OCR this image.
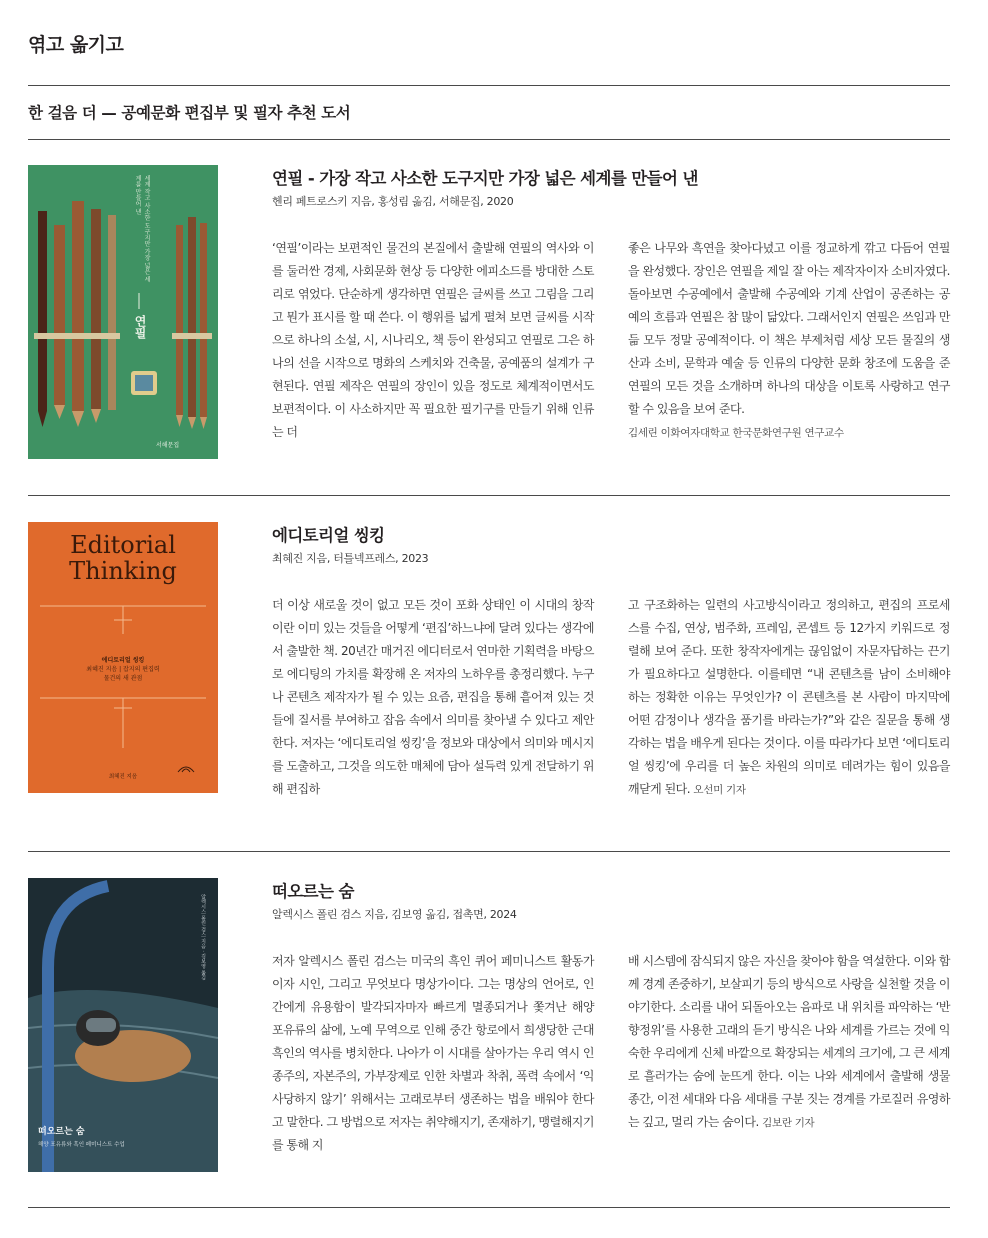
엮고 옮기고
한 걸음 더 — 공예문화 편집부 및 필자 추천 도서
연필
세계 작고 사소한 도구지만 가장 넓은 세계를 만들어 낸
서해문집
연필 - 가장 작고 사소한 도구지만 가장 넓은 세계를 만들어 낸
헨리 페트로스키 지음, 홍성림 옮김, 서해문집, 2020
‘연필’이라는 보편적인 물건의 본질에서 출발해 연필의 역사와 이를 둘러싼 경제, 사회문화 현상 등 다양한 에피소드를 방대한 스토리로 엮었다. 단순하게 생각하면 연필은 글씨를 쓰고 그림을 그리고 뭔가 표시를 할 때 쓴다. 이 행위를 넓게 펼쳐 보면 글씨를 시작으로 하나의 소설, 시, 시나리오, 책 등이 완성되고 연필로 그은 하나의 선을 시작으로 명화의 스케치와 건축물, 공예품의 설계가 구현된다. 연필 제작은 연필의 장인이 있을 정도로 체계적이면서도 보편적이다. 이 사소하지만 꼭 필요한 필기구를 만들기 위해 인류는 더
좋은 나무와 흑연을 찾아다녔고 이를 정교하게 깎고 다듬어 연필을 완성했다. 장인은 연필을 제일 잘 아는 제작자이자 소비자였다. 돌아보면 수공예에서 출발해 수공예와 기계 산업이 공존하는 공예의 흐름과 연필은 참 많이 닮았다. 그래서인지 연필은 쓰임과 만듦 모두 정말 공예적이다. 이 책은 부제처럼 세상 모든 물질의 생산과 소비, 문학과 예술 등 인류의 다양한 문화 창조에 도움을 준 연필의 모든 것을 소개하며 하나의 대상을 이토록 사랑하고 연구할 수 있음을 보여 준다.
김세린 이화여자대학교 한국문화연구원 연구교수
Editorial
Thinking
에디토리얼 씽킹
최혜진 지음 | 잡지의 편집력
물건의 새 관점
최혜진 지음
에디토리얼 씽킹
최혜진 지음, 터틀넥프레스, 2023
더 이상 새로울 것이 없고 모든 것이 포화 상태인 이 시대의 창작이란 이미 있는 것들을 어떻게 ‘편집’하느냐에 달려 있다는 생각에서 출발한 책. 20년간 매거진 에디터로서 연마한 기획력을 바탕으로 에디팅의 가치를 확장해 온 저자의 노하우를 총정리했다. 누구나 콘텐츠 제작자가 될 수 있는 요즘, 편집을 통해 흩어져 있는 것들에 질서를 부여하고 잡음 속에서 의미를 찾아낼 수 있다고 제안한다. 저자는 ‘에디토리얼 씽킹’을 정보와 대상에서 의미와 메시지를 도출하고, 그것을 의도한 매체에 담아 설득력 있게 전달하기 위해 편집하
고 구조화하는 일련의 사고방식이라고 정의하고, 편집의 프로세스를 수집, 연상, 범주화, 프레임, 콘셉트 등 12가지 키워드로 정렬해 보여 준다. 또한 창작자에게는 끊임없이 자문자답하는 끈기가 필요하다고 설명한다. 이를테면 “내 콘텐츠를 남이 소비해야 하는 정확한 이유는 무엇인가? 이 콘텐츠를 본 사람이 마지막에 어떤 감정이나 생각을 품기를 바라는가?”와 같은 질문을 통해 생각하는 법을 배우게 된다는 것이다. 이를 따라가다 보면 ‘에디토리얼 씽킹’에 우리를 더 높은 차원의 의미로 데려가는 힘이 있음을 깨닫게 된다. 오선미 기자
떠오르는 숨
해양 포유류와 흑인 페미니스트 수업
알렉시스 폴린 검스 지음 · 김보영 옮김
떠오르는 숨
알렉시스 폴린 검스 지음, 김보영 옮김, 접촉면, 2024
저자 알렉시스 폴린 검스는 미국의 흑인 퀴어 페미니스트 활동가이자 시인, 그리고 무엇보다 명상가이다. 그는 명상의 언어로, 인간에게 유용함이 발각되자마자 빠르게 멸종되거나 쫓겨난 해양 포유류의 삶에, 노예 무역으로 인해 중간 항로에서 희생당한 근대 흑인의 역사를 병치한다. 나아가 이 시대를 살아가는 우리 역시 인종주의, 자본주의, 가부장제로 인한 차별과 착취, 폭력 속에서 ‘익사당하지 않기’ 위해서는 고래로부터 생존하는 법을 배워야 한다고 말한다. 그 방법으로 저자는 취약해지기, 존재하기, 맹렬해지기를 통해 지
배 시스템에 잠식되지 않은 자신을 찾아야 함을 역설한다. 이와 함께 경계 존중하기, 보살피기 등의 방식으로 사랑을 실천할 것을 이야기한다. 소리를 내어 되돌아오는 음파로 내 위치를 파악하는 ‘반향정위’를 사용한 고래의 듣기 방식은 나와 세계를 가르는 것에 익숙한 우리에게 신체 바깥으로 확장되는 세계의 크기에, 그 큰 세계로 흘러가는 숨에 눈뜨게 한다. 이는 나와 세계에서 출발해 생물 종간, 이전 세대와 다음 세대를 구분 짓는 경계를 가로질러 유영하는 깊고, 멀리 가는 숨이다. 김보란 기자
